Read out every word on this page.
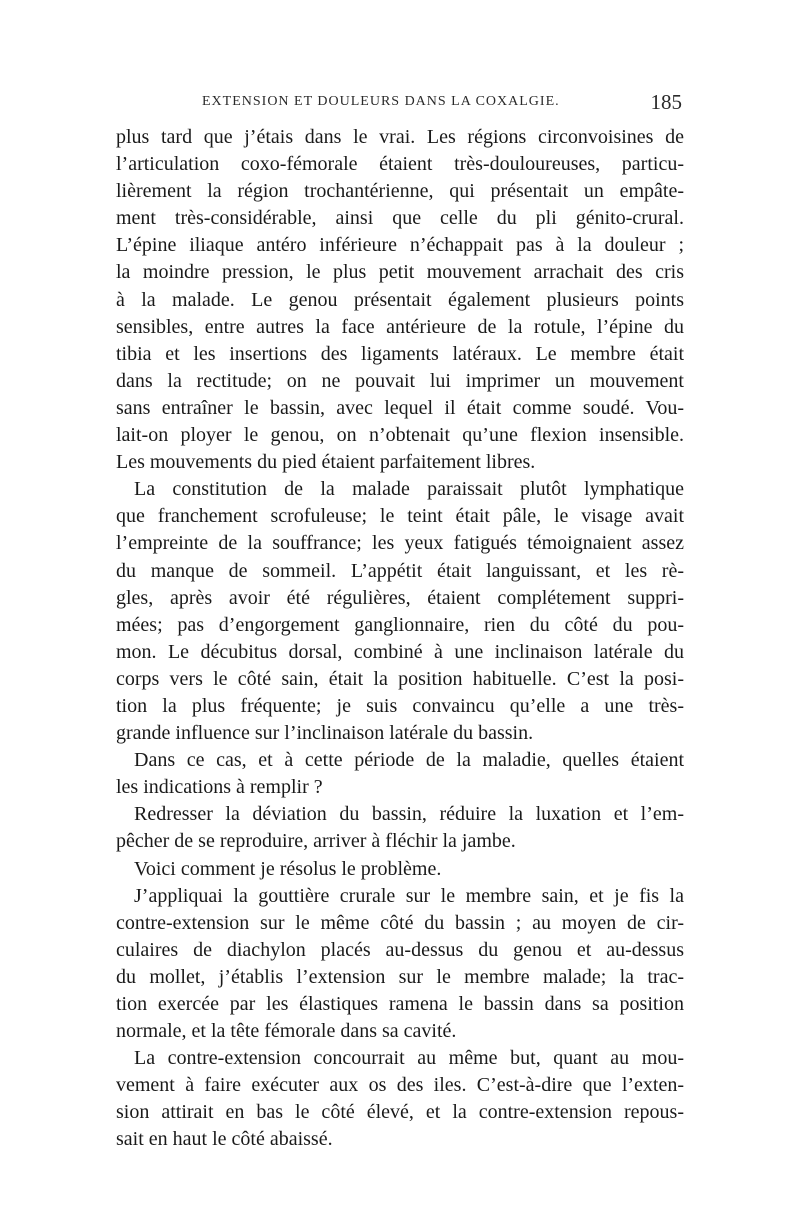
EXTENSION ET DOULEURS DANS LA COXALGIE.	185
plus tard que j’étais dans le vrai. Les régions circonvoisines de
l’articulation coxo-fémorale étaient très-douloureuses, particu-
lièrement la région trochantérienne, qui présentait un empâte-
ment très-considérable, ainsi que celle du pli génito-crural.
L’épine iliaque antéro inférieure n’échappait pas à la douleur ;
la moindre pression, le plus petit mouvement arrachait des cris
à la malade. Le genou présentait également plusieurs points
sensibles, entre autres la face antérieure de la rotule, l’épine du
tibia et les insertions des ligaments latéraux. Le membre était
dans la rectitude; on ne pouvait lui imprimer un mouvement
sans entraîner le bassin, avec lequel il était comme soudé. Vou-
lait-on ployer le genou, on n’obtenait qu’une flexion insensible.
Les mouvements du pied étaient parfaitement libres.
La constitution de la malade paraissait plutôt lymphatique
que franchement scrofuleuse; le teint était pâle, le visage avait
l’empreinte de la souffrance; les yeux fatigués témoignaient assez
du manque de sommeil. L’appétit était languissant, et les rè-
gles, après avoir été régulières, étaient complétement suppri-
mées; pas d’engorgement ganglionnaire, rien du côté du pou-
mon. Le décubitus dorsal, combiné à une inclinaison latérale du
corps vers le côté sain, était la position habituelle. C’est la posi-
tion la plus fréquente; je suis convaincu qu’elle a une très-
grande influence sur l’inclinaison latérale du bassin.
Dans ce cas, et à cette période de la maladie, quelles étaient
les indications à remplir ?
Redresser la déviation du bassin, réduire la luxation et l’em-
pêcher de se reproduire, arriver à fléchir la jambe.
Voici comment je résolus le problème.
J’appliquai la gouttière crurale sur le membre sain, et je fis la
contre-extension sur le même côté du bassin ; au moyen de cir-
culaires de diachylon placés au-dessus du genou et au-dessus
du mollet, j’établis l’extension sur le membre malade; la trac-
tion exercée par les élastiques ramena le bassin dans sa position
normale, et la tête fémorale dans sa cavité.
La contre-extension concourrait au même but, quant au mou-
vement à faire exécuter aux os des iles. C’est-à-dire que l’exten-
sion attirait en bas le côté élevé, et la contre-extension repous-
sait en haut le côté abaissé.
